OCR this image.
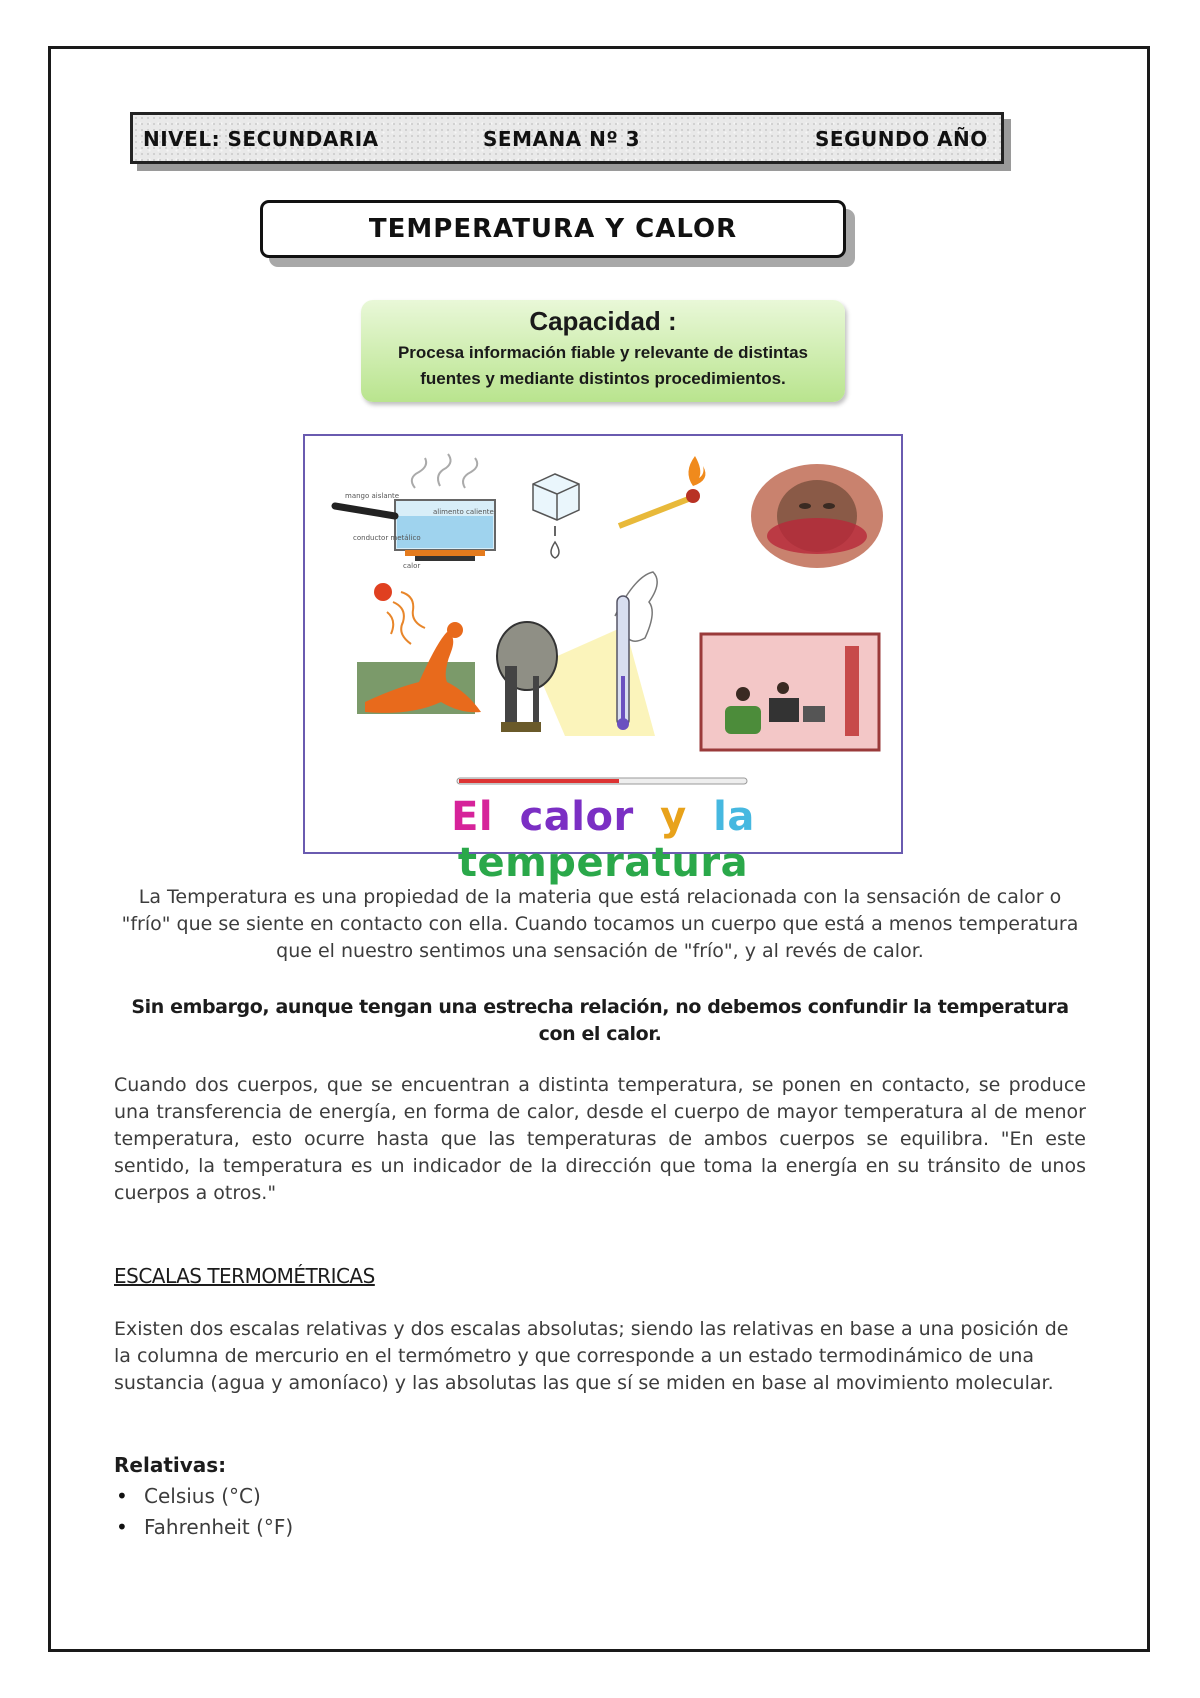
NIVEL: SECUNDARIA	SEMANA Nº 3	SEGUNDO AÑO
TEMPERATURA Y CALOR
Capacidad :
Procesa información fiable y relevante de distintas
fuentes y mediante distintos procedimientos.
mango aislante
alimento caliente
conductor metálico
calor
El calor y la temperatura
La Temperatura es una propiedad de la materia que está relacionada con la sensación de calor o "frío" que se siente en contacto con ella. Cuando tocamos un cuerpo que está a menos temperatura que el nuestro sentimos una sensación de "frío", y al revés de calor.
Sin embargo, aunque tengan una estrecha relación, no debemos confundir la temperatura con el calor.
Cuando dos cuerpos, que se encuentran a distinta temperatura, se ponen en contacto, se produce una transferencia de energía, en forma de calor, desde el cuerpo de mayor temperatura al de menor temperatura, esto ocurre hasta que las temperaturas de ambos cuerpos se equilibra. "En este sentido, la temperatura es un indicador de la dirección que toma la energía en su tránsito de unos cuerpos a otros."
ESCALAS TERMOMÉTRICAS
Existen dos escalas relativas y dos escalas absolutas; siendo las relativas en base a una posición de la columna de mercurio en el termómetro y que corresponde a un estado termodinámico de una sustancia (agua y amoníaco) y las absolutas las que sí se miden en base al movimiento molecular.
Relativas:
• Celsius (°C)
• Fahrenheit (°F)
